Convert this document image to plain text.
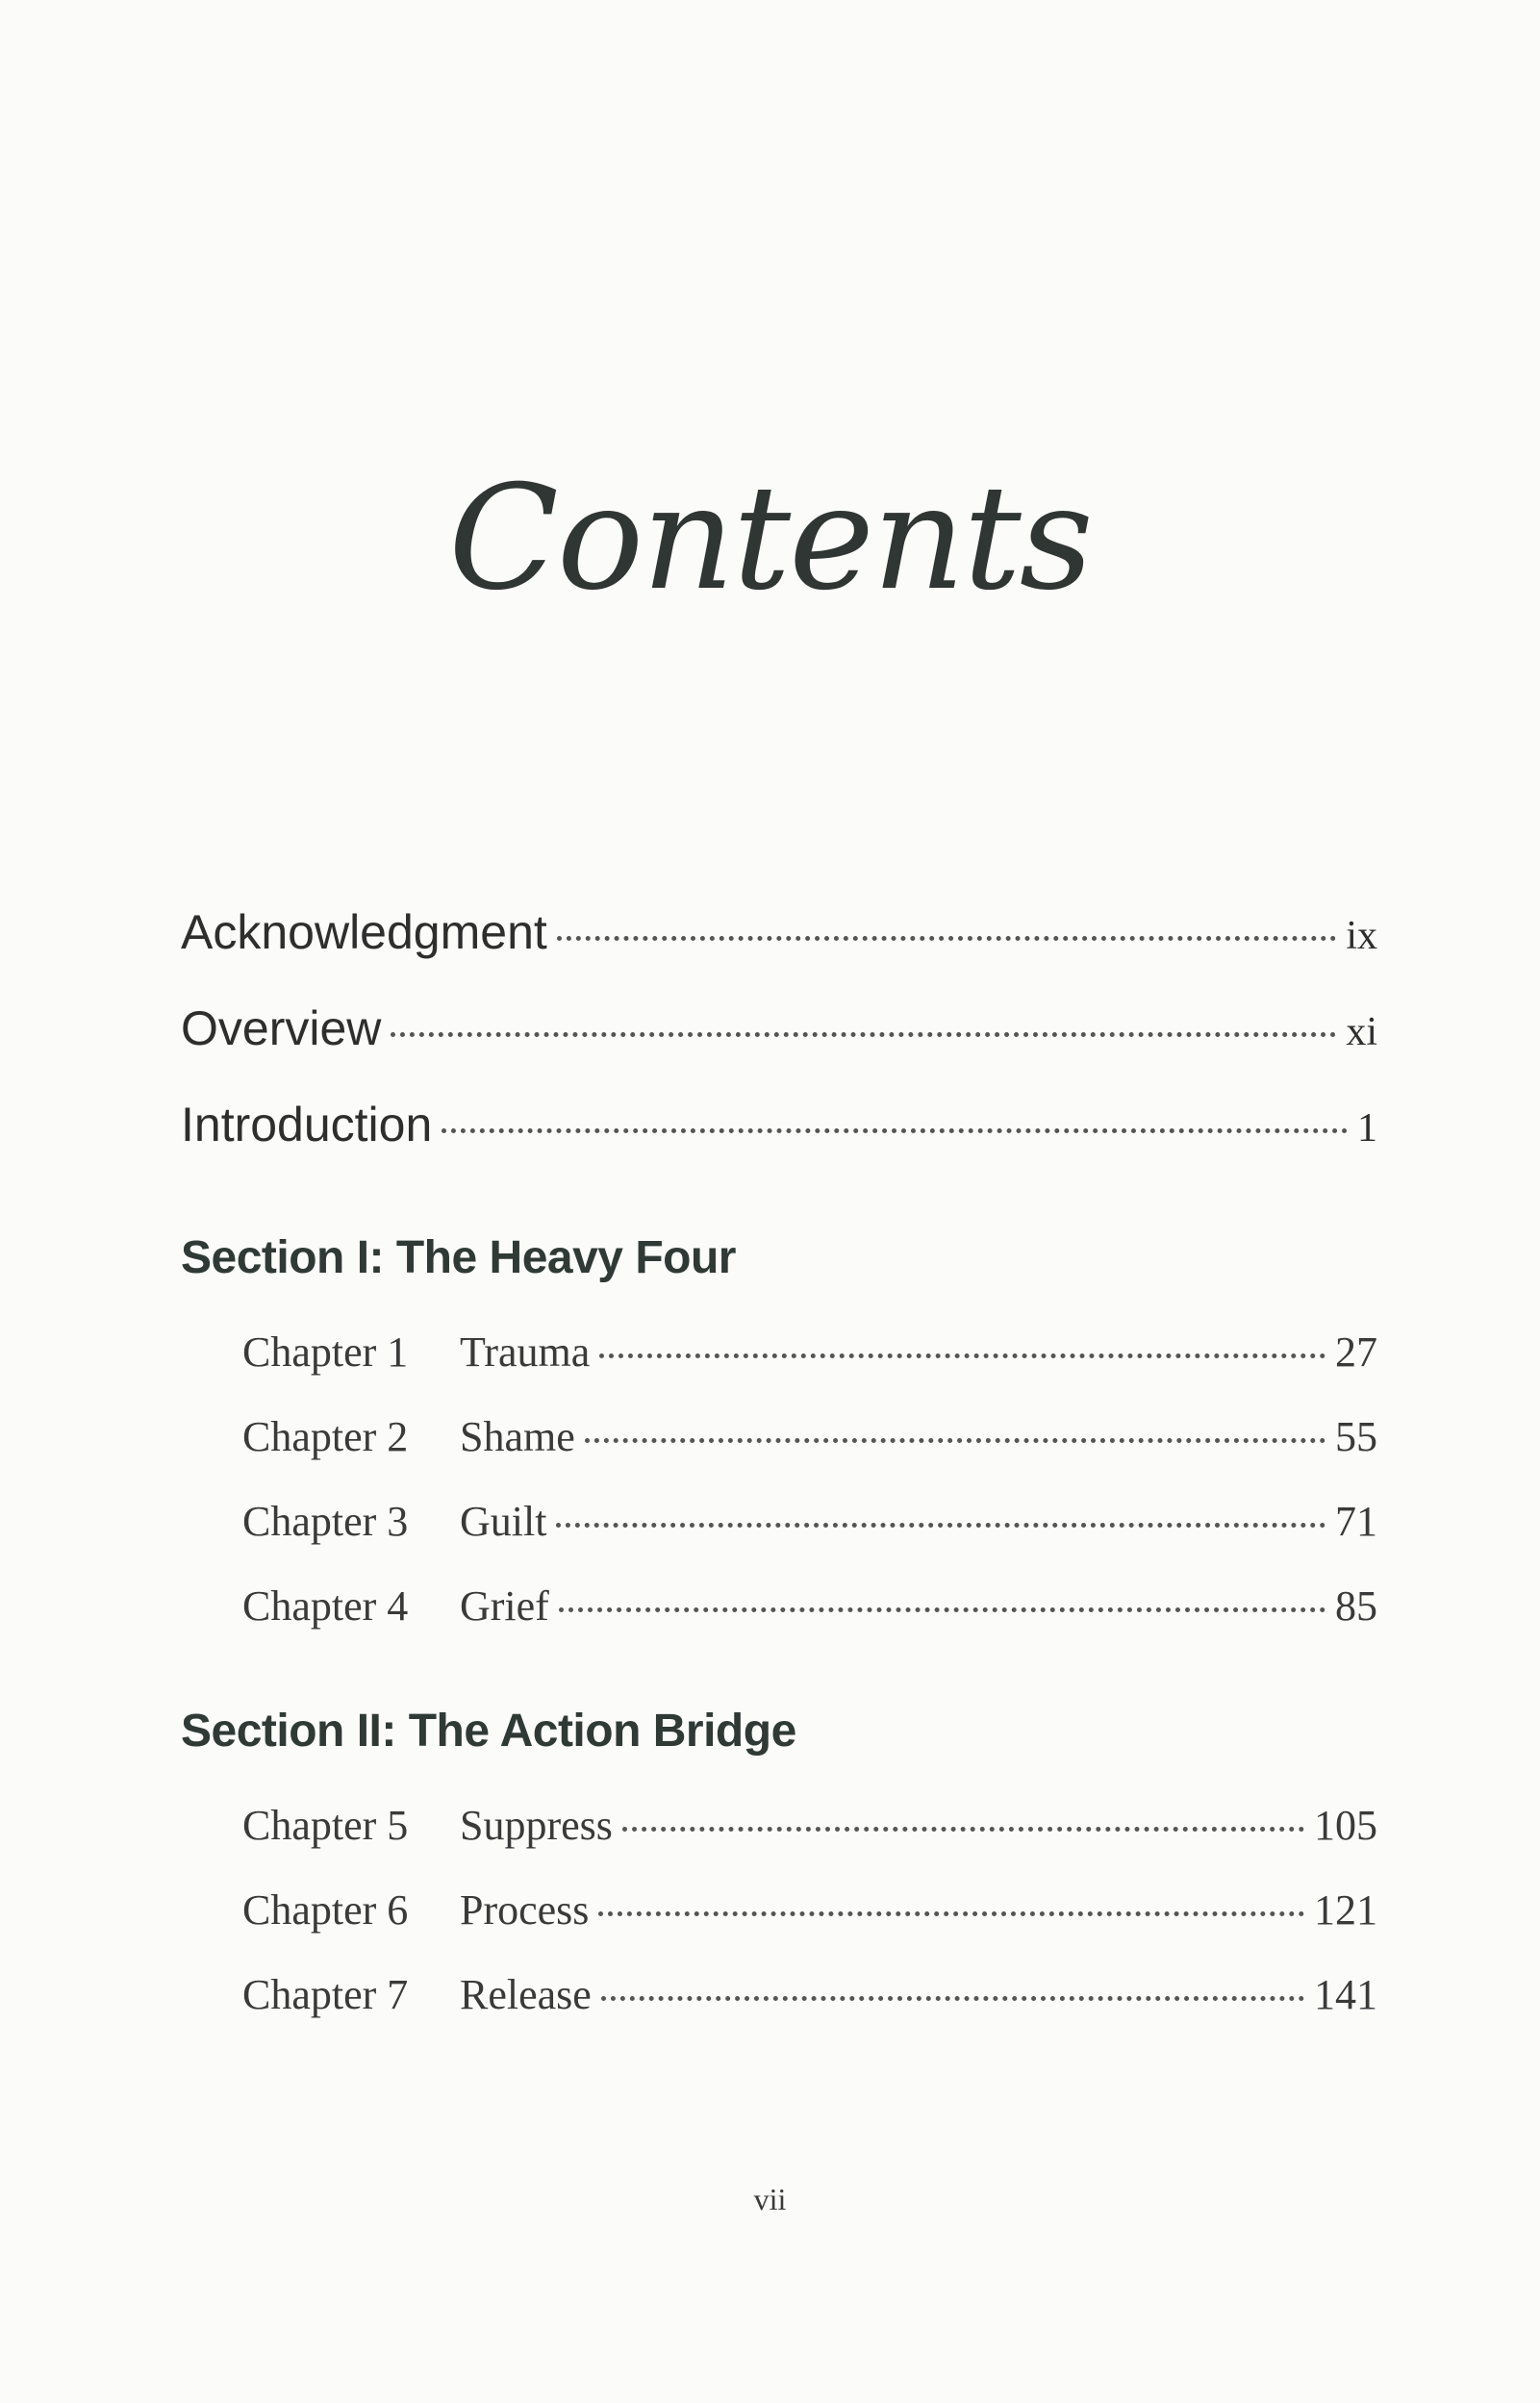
Contents
Acknowledgment	ix
Overview	xi
Introduction	1
Section I: The Heavy Four
Chapter 1	Trauma	27
Chapter 2	Shame	55
Chapter 3	Guilt	71
Chapter 4	Grief	85
Section II: The Action Bridge
Chapter 5	Suppress	105
Chapter 6	Process	121
Chapter 7	Release	141
vii
